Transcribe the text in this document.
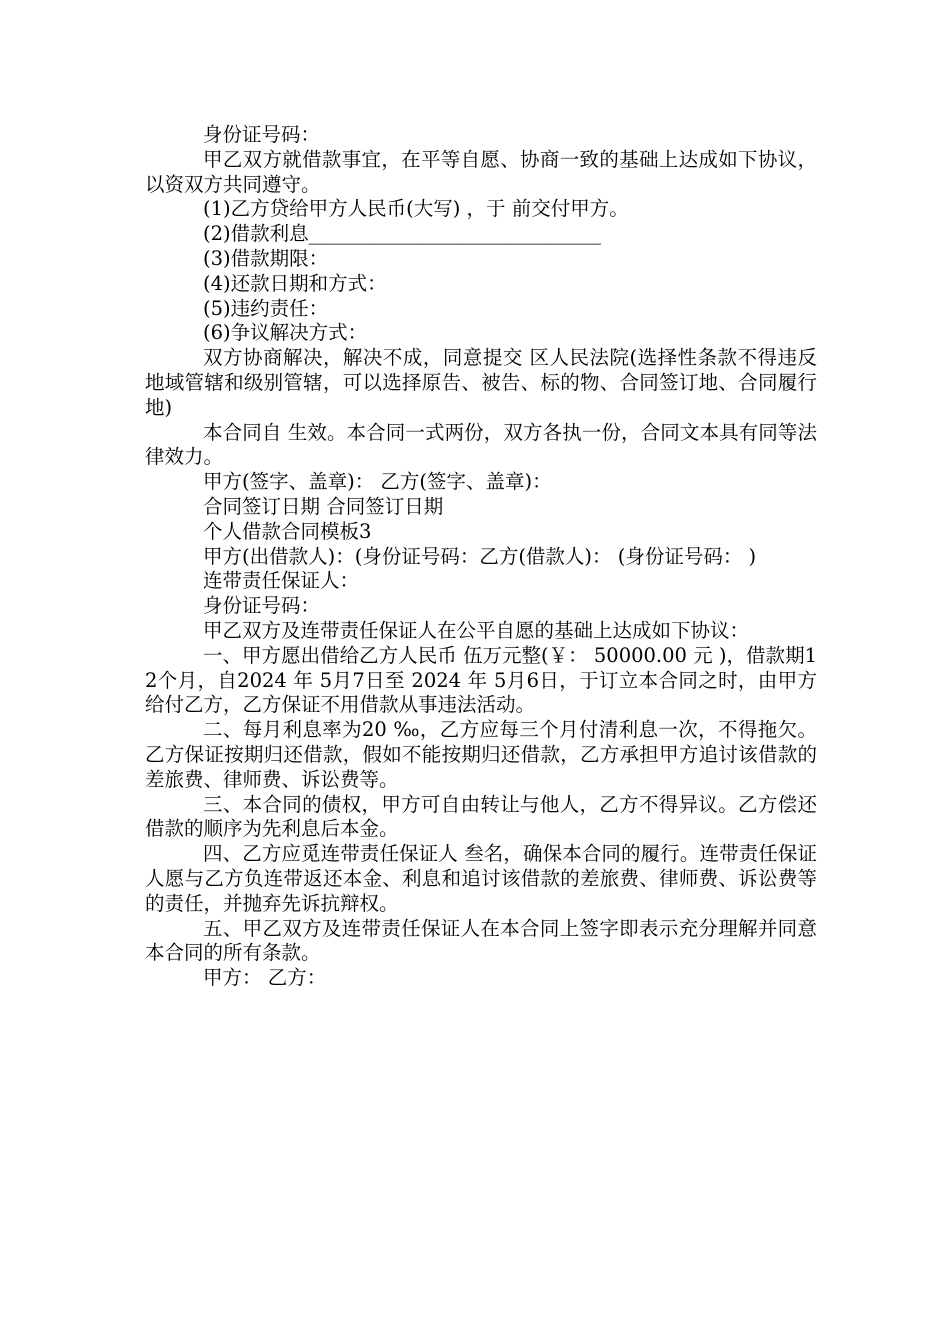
身份证号码：

甲乙双方就借款事宜，在平等自愿、协商一致的基础上达成如下协议，以资双方共同遵守。

(1)乙方贷给甲方人民币(大写) ，于 前交付甲方。

(2)借款利息______________________________

(3)借款期限：

(4)还款日期和方式：

(5)违约责任：

(6)争议解决方式：

双方协商解决，解决不成，同意提交 区人民法院(选择性条款不得违反地域管辖和级别管辖，可以选择原告、被告、标的物、合同签订地、合同履行地)

本合同自 生效。本合同一式两份，双方各执一份，合同文本具有同等法律效力。

甲方(签字、盖章)： 乙方(签字、盖章)：

合同签订日期 合同签订日期

个人借款合同模板3

甲方(出借款人)：(身份证号码：乙方(借款人)： (身份证号码： )

连带责任保证人：

身份证号码：

甲乙双方及连带责任保证人在公平自愿的基础上达成如下协议：

一、甲方愿出借给乙方人民币 伍万元整(￥： 50000.00 元 )，借款期12个月，自2024 年 5月7日至 2024 年 5月6日，于订立本合同之时，由甲方给付乙方，乙方保证不用借款从事违法活动。

二、每月利息率为20 ‰，乙方应每三个月付清利息一次，不得拖欠。乙方保证按期归还借款，假如不能按期归还借款，乙方承担甲方追讨该借款的差旅费、律师费、诉讼费等。

三、本合同的债权，甲方可自由转让与他人，乙方不得异议。乙方偿还借款的顺序为先利息后本金。

四、乙方应觅连带责任保证人 叁名，确保本合同的履行。连带责任保证人愿与乙方负连带返还本金、利息和追讨该借款的差旅费、律师费、诉讼费等的责任，并抛弃先诉抗辩权。

五、甲乙双方及连带责任保证人在本合同上签字即表示充分理解并同意本合同的所有条款。

甲方： 乙方：
